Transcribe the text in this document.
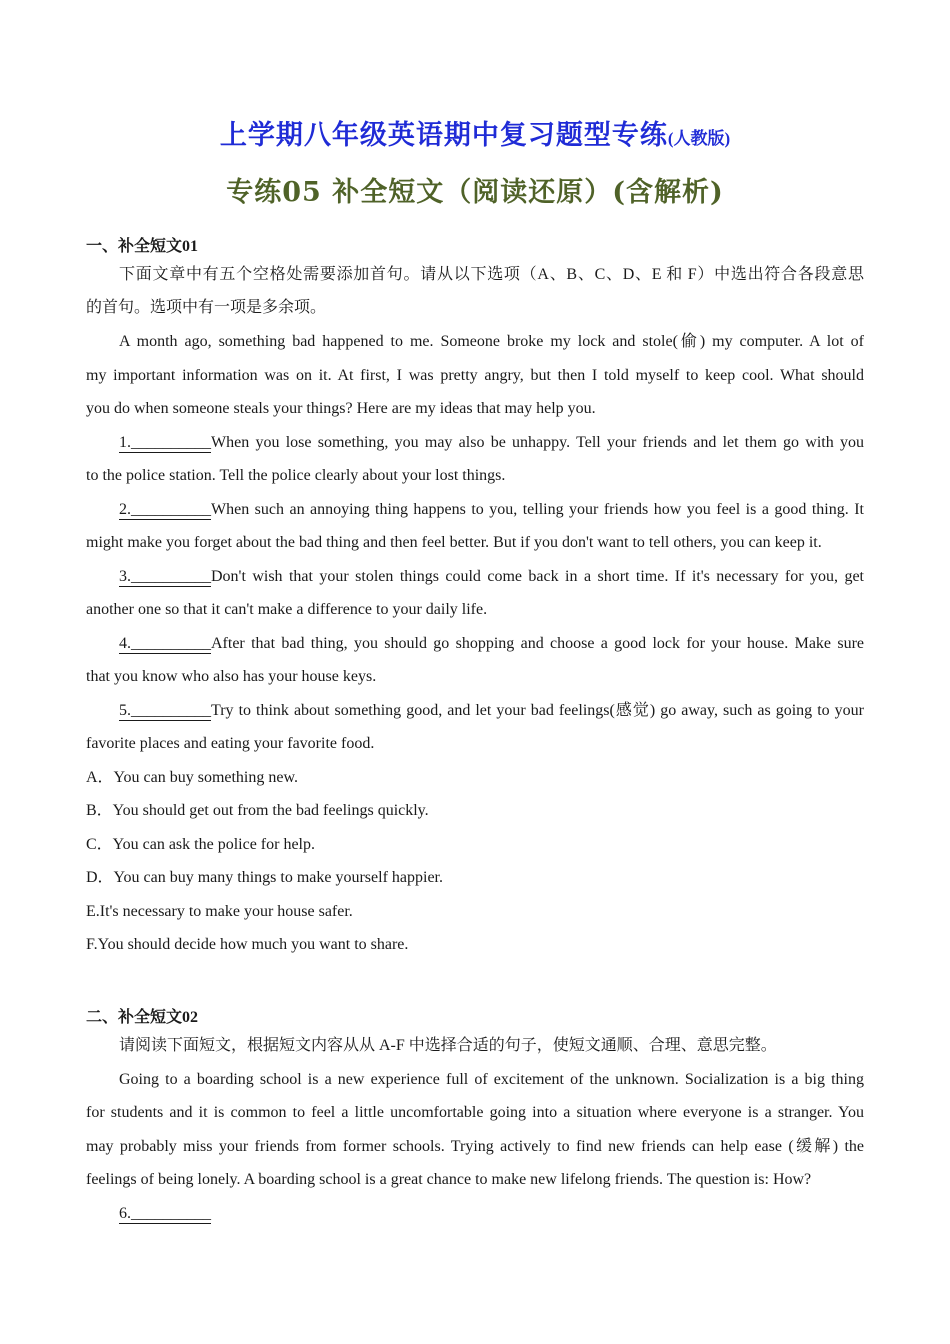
上学期八年级英语期中复习题型专练(人教版)
专练05 补全短文（阅读还原）(含解析)
一、补全短文01
下面文章中有五个空格处需要添加首句。请从以下选项（A、B、C、D、E 和 F）中选出符合各段意思
的首句。选项中有一项是多余项。
A month ago, something bad happened to me. Someone broke my lock and stole(偷) my computer. A lot of
my important information was on it. At first, I was pretty angry, but then I told myself to keep cool. What should
you do when someone steals your things? Here are my ideas that may help you.
1.__________When you lose something, you may also be unhappy. Tell your friends and let them go with you
to the police station. Tell the police clearly about your lost things.
2.__________When such an annoying thing happens to you, telling your friends how you feel is a good thing. It
might make you forget about the bad thing and then feel better. But if you don't want to tell others, you can keep it.
3.__________Don't wish that your stolen things could come back in a short time. If it's necessary for you, get
another one so that it can't make a difference to your daily life.
4.__________After that bad thing, you should go shopping and choose a good lock for your house. Make sure
that you know who also has your house keys.
5.__________Try to think about something good, and let your bad feelings(感觉) go away, such as going to your
favorite places and eating your favorite food.
A．You can buy something new.
B．You should get out from the bad feelings quickly.
C．You can ask the police for help.
D．You can buy many things to make yourself happier.
E.It's necessary to make your house safer.
F.You should decide how much you want to share.
二、补全短文02
请阅读下面短文，根据短文内容从从 A-F 中选择合适的句子，使短文通顺、合理、意思完整。
Going to a boarding school is a new experience full of excitement of the unknown. Socialization is a big thing
for students and it is common to feel a little uncomfortable going into a situation where everyone is a stranger. You
may probably miss your friends from former schools. Trying actively to find new friends can help ease (缓解) the
feelings of being lonely. A boarding school is a great chance to make new lifelong friends. The question is: How?
6.__________
